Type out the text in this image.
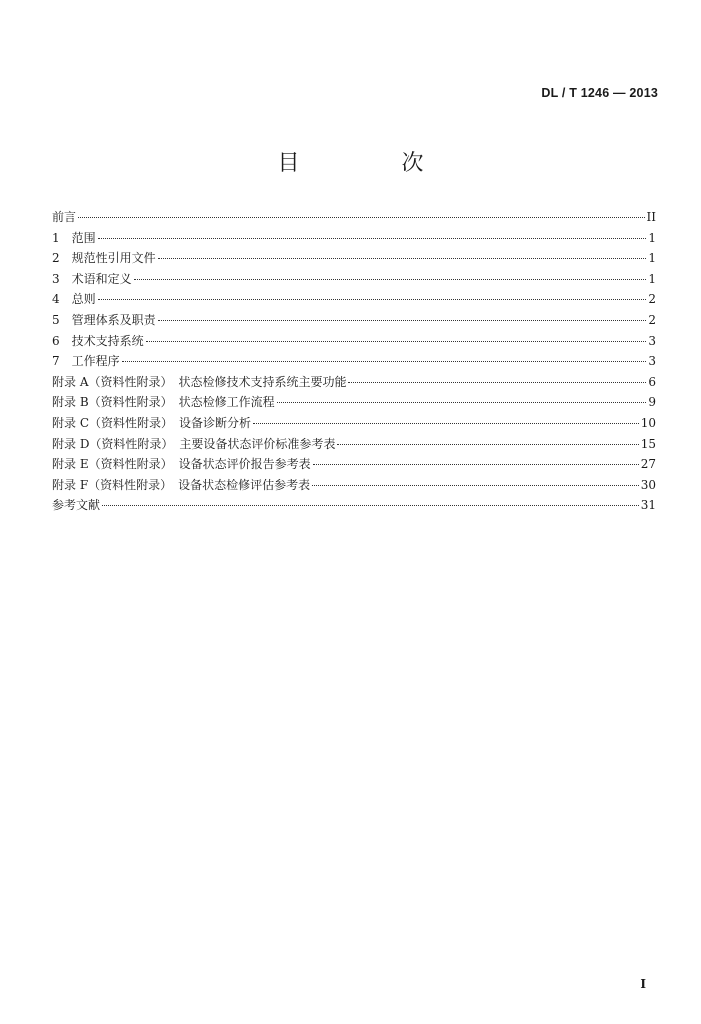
DL / T 1246 — 2013
目　次
前言	II
1　范围	1
2　规范性引用文件	1
3　术语和定义	1
4　总则	2
5　管理体系及职责	2
6　技术支持系统	3
7　工作程序	3
附录 A（资料性附录）　状态检修技术支持系统主要功能	6
附录 B（资料性附录）　状态检修工作流程	9
附录 C（资料性附录）　设备诊断分析	10
附录 D（资料性附录）　主要设备状态评价标准参考表	15
附录 E（资料性附录）　设备状态评价报告参考表	27
附录 F（资料性附录）　设备状态检修评估参考表	30
参考文献	31
I
